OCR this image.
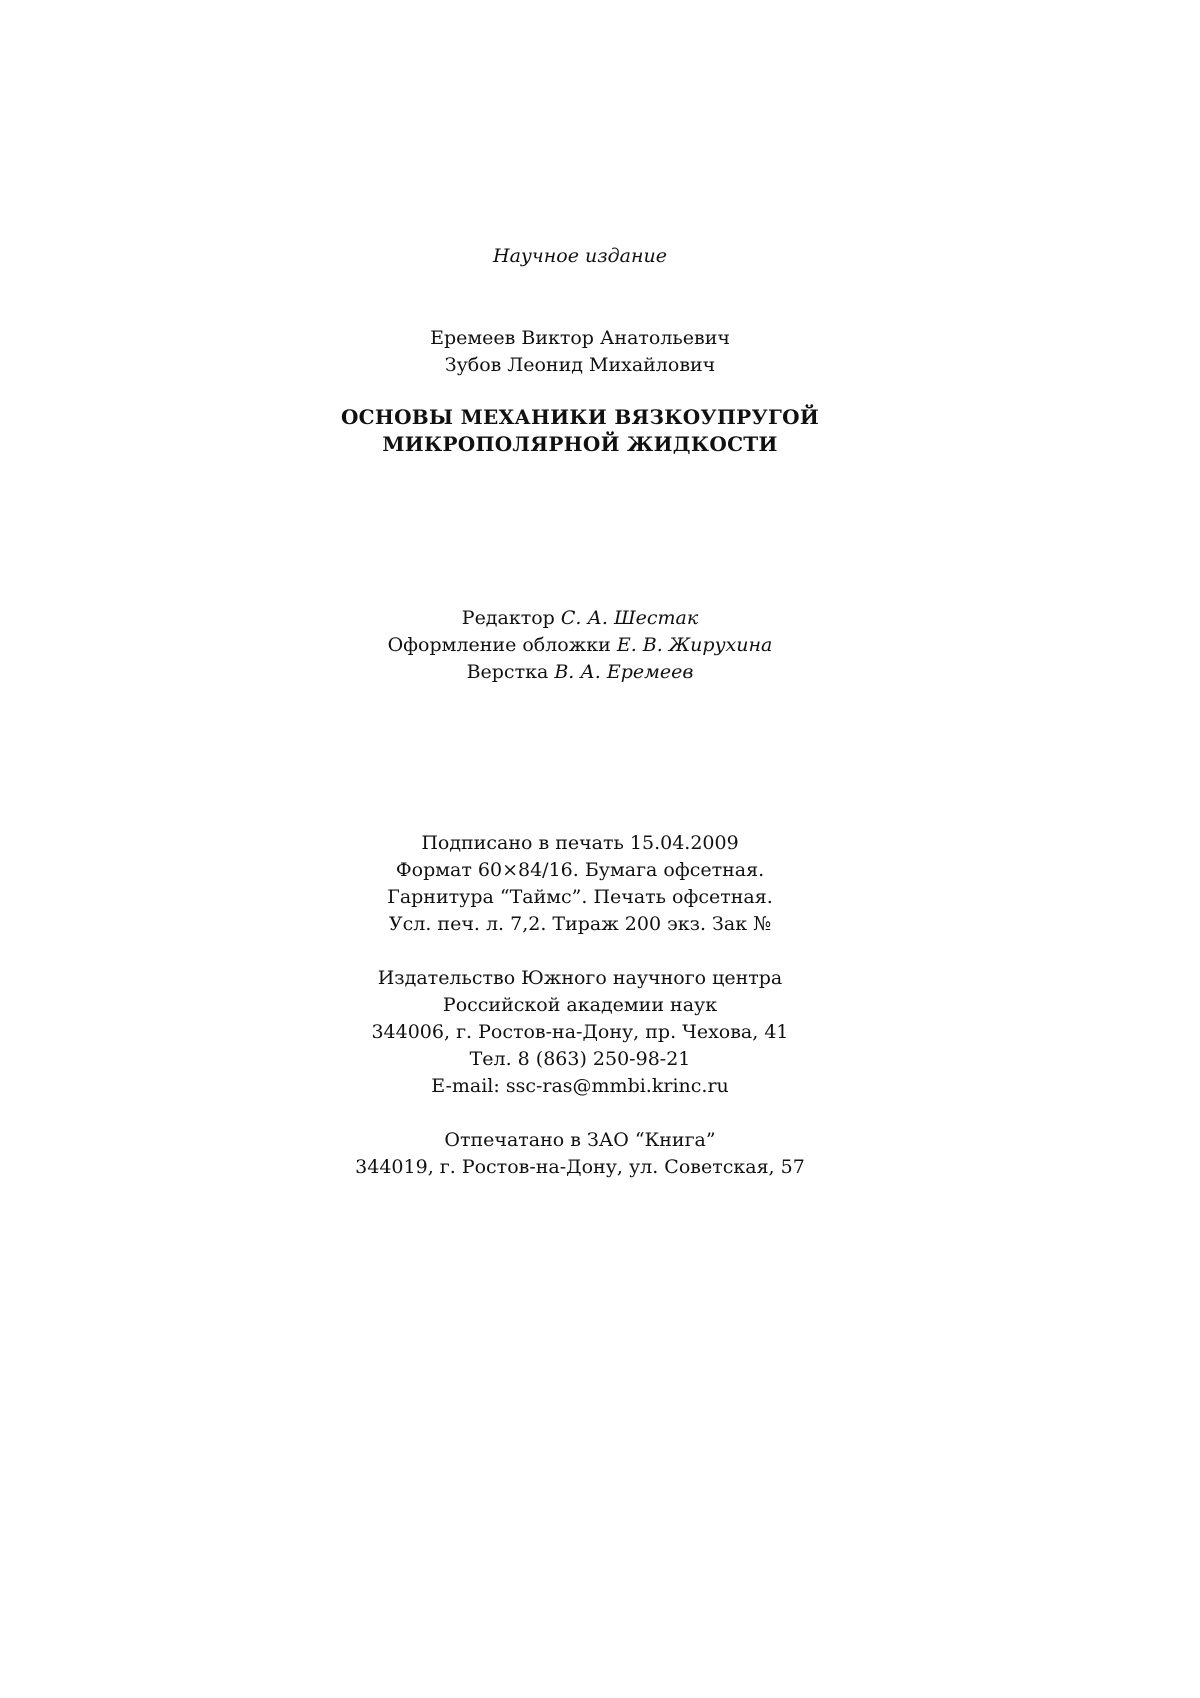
Научное издание
Еремеев Виктор Анатольевич
Зубов Леонид Михайлович
ОСНОВЫ МЕХАНИКИ ВЯЗКОУПРУГОЙ
МИКРОПОЛЯРНОЙ ЖИДКОСТИ
Редактор С. А. Шестак
Оформление обложки Е. В. Жирухина
Верстка В. А. Еремеев
Подписано в печать 15.04.2009
Формат 60×84/16. Бумага офсетная.
Гарнитура “Таймс”. Печать офсетная.
Усл. печ. л. 7,2. Тираж 200 экз. Зак №
Издательство Южного научного центра
Российской академии наук
344006, г. Ростов-на-Дону, пр. Чехова, 41
Тел. 8 (863) 250-98-21
E-mail: ssc-ras@mmbi.krinc.ru
Отпечатано в ЗАО “Книга”
344019, г. Ростов-на-Дону, ул. Советская, 57
